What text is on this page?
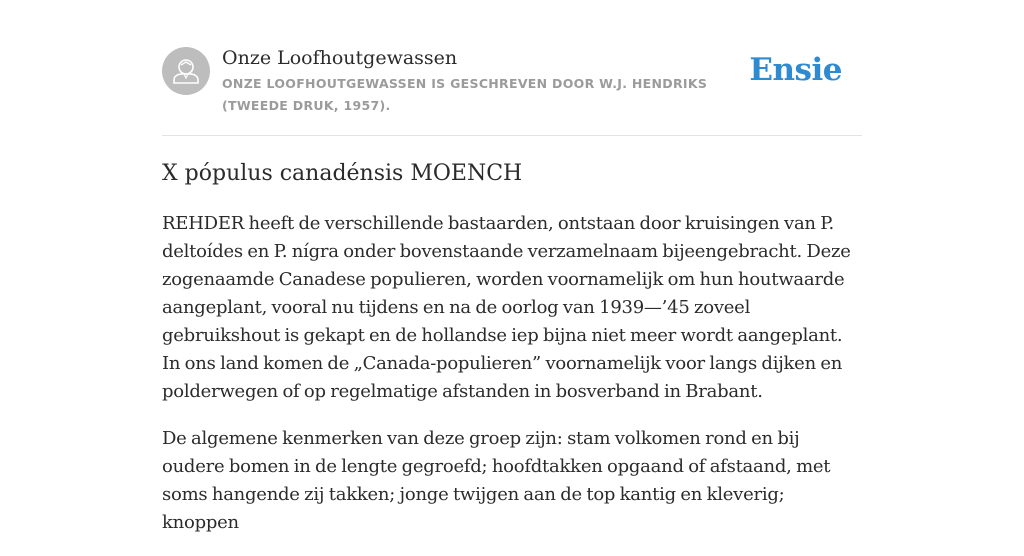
Onze Loofhoutgewassen
ONZE LOOFHOUTGEWASSEN IS GESCHREVEN DOOR W.J. HENDRIKS (TWEEDE DRUK, 1957).
Ensie
X pópulus canadénsis MOENCH

REHDER heeft de verschillende bastaarden, ontstaan door kruisingen van P. deltoídes en P. nígra onder bovenstaande verzamelnaam bijeengebracht. Deze zogenaamde Canadese populieren, worden voornamelijk om hun houtwaarde aangeplant, vooral nu tijdens en na de oorlog van 1939—’45 zoveel gebruikshout is gekapt en de hollandse iep bijna niet meer wordt aangeplant. In ons land komen de „Canada-populieren” voornamelijk voor langs dijken en polderwegen of op regelmatige afstanden in bosverband in Brabant.

De algemene kenmerken van deze groep zijn: stam volkomen rond en bij oudere bomen in de lengte gegroefd; hoofdtakken opgaand of afstaand, met soms hangende zij takken; jonge twijgen aan de top kantig en kleverig; knoppen
